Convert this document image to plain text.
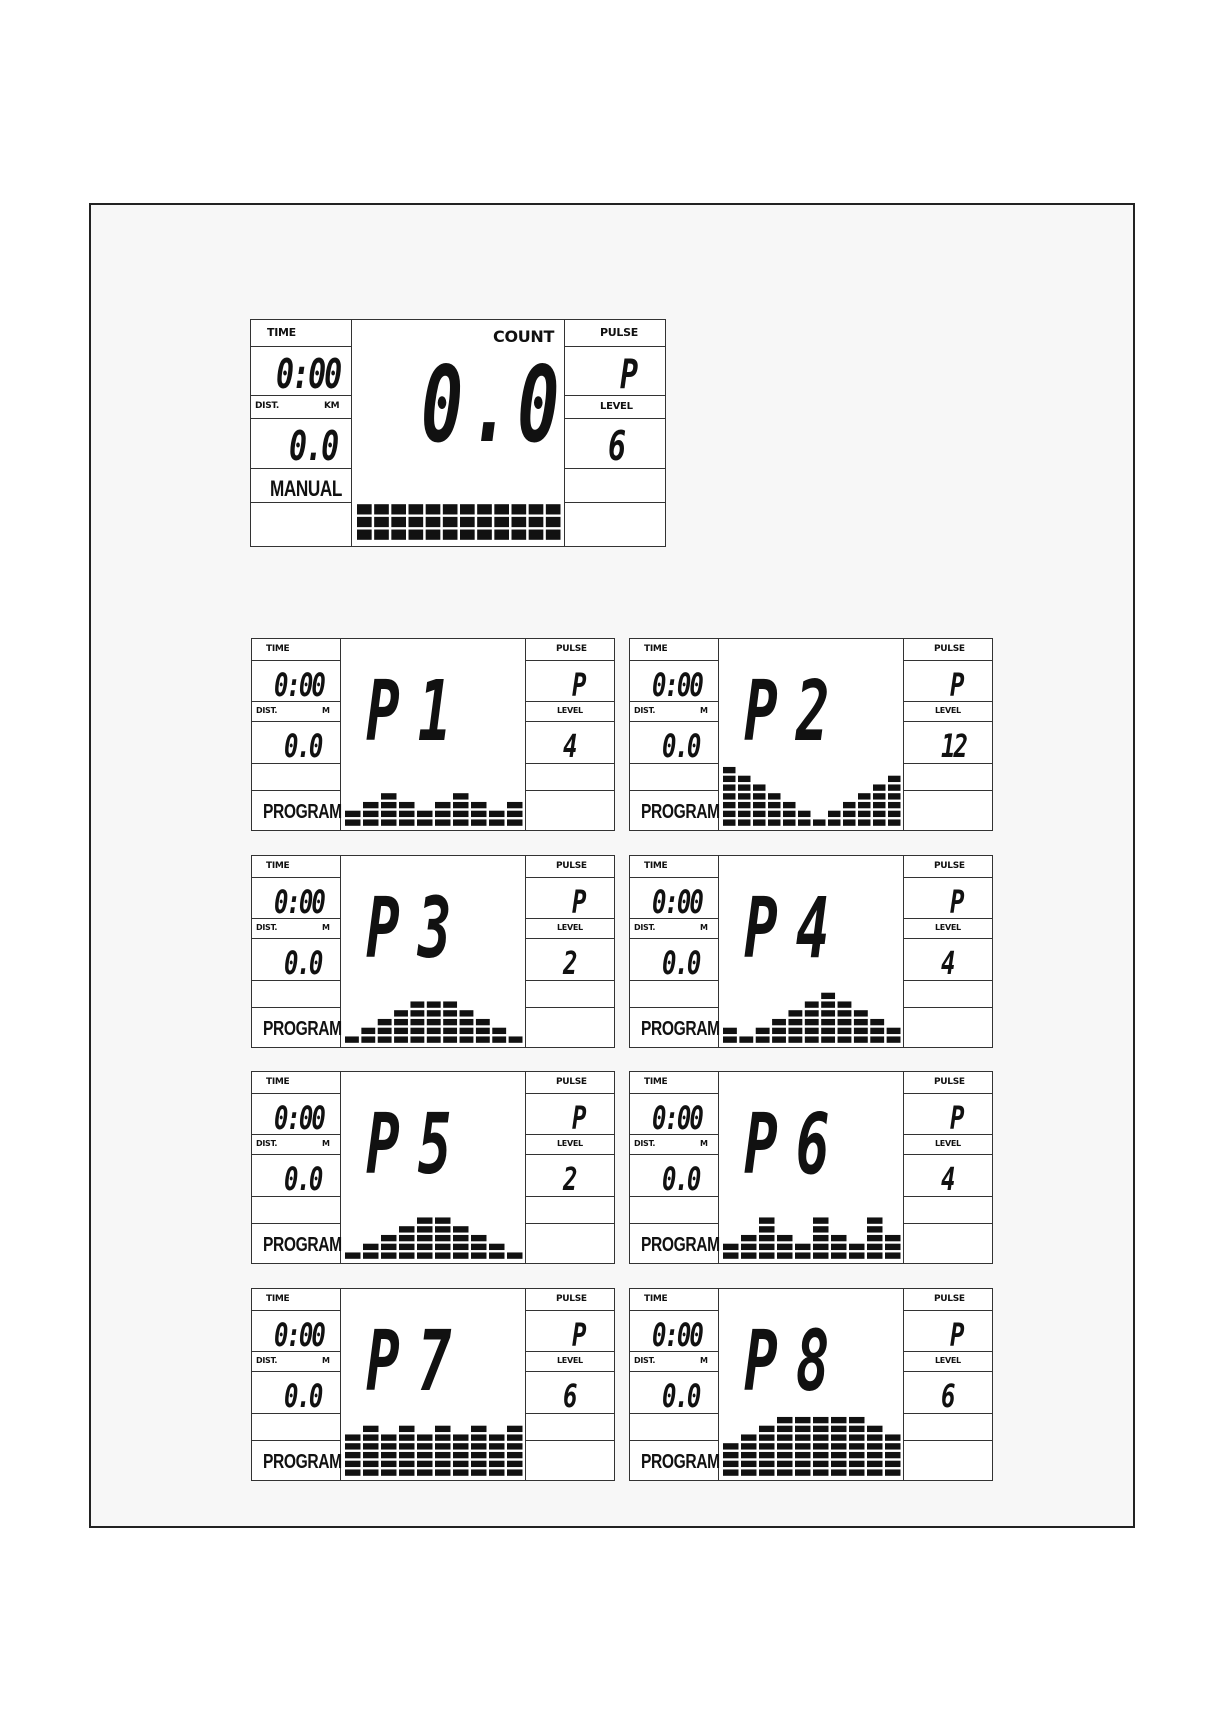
TIME
0:00
DIST.	KM
0.0
MANUAL
COUNT
0.0
PULSE
P
LEVEL
6
TIME
0:00
DIST.	M
0.0
PROGRAM
P1
PULSE
P
LEVEL
4
TIME
0:00
DIST.	M
0.0
PROGRAM
P2
PULSE
P
LEVEL
12
TIME
0:00
DIST.	M
0.0
PROGRAM
P3
PULSE
P
LEVEL
2
TIME
0:00
DIST.	M
0.0
PROGRAM
P4
PULSE
P
LEVEL
4
TIME
0:00
DIST.	M
0.0
PROGRAM
P5
PULSE
P
LEVEL
2
TIME
0:00
DIST.	M
0.0
PROGRAM
P6
PULSE
P
LEVEL
4
TIME
0:00
DIST.	M
0.0
PROGRAM
P7
PULSE
P
LEVEL
6
TIME
0:00
DIST.	M
0.0
PROGRAM
P8
PULSE
P
LEVEL
6
